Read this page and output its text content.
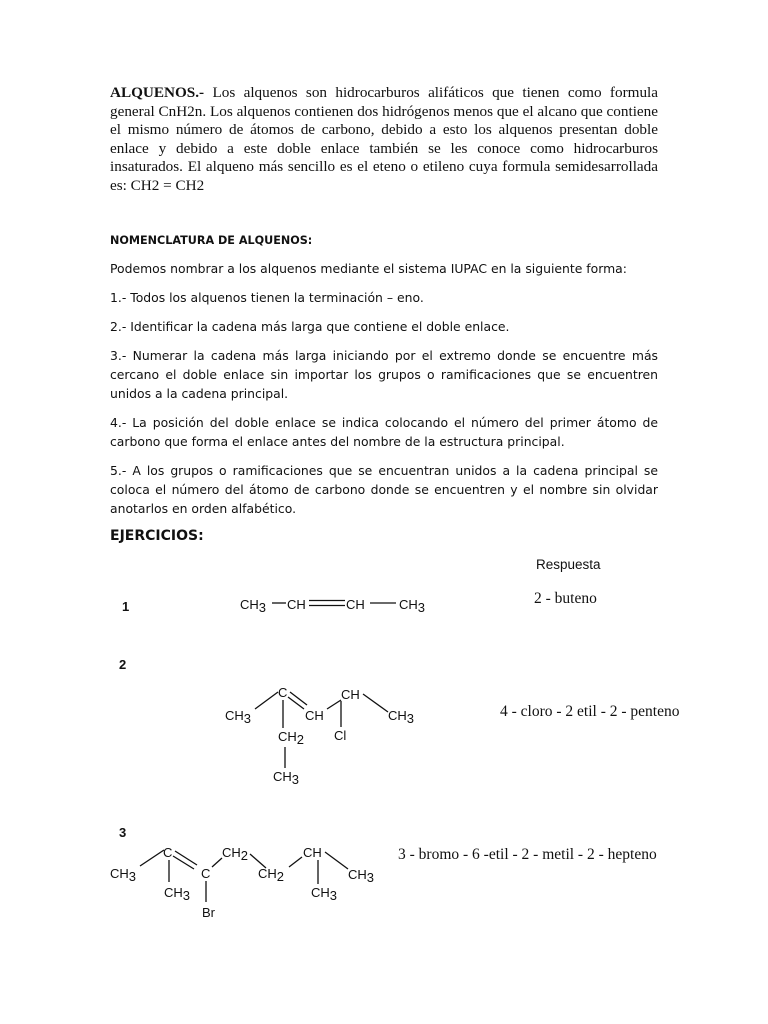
ALQUENOS.- Los alquenos son hidrocarburos alifáticos que tienen como formula general CnH2n. Los alquenos contienen dos hidrógenos menos que el alcano que contiene el mismo número de átomos de carbono, debido a esto los alquenos presentan doble enlace y debido a este doble enlace también se les conoce como hidrocarburos insaturados. El alqueno más sencillo es el eteno o etileno cuya formula semidesarrollada es: CH2 = CH2
NOMENCLATURA DE ALQUENOS:
Podemos nombrar a los alquenos mediante el sistema IUPAC en la siguiente forma:
1.- Todos los alquenos tienen la terminación – eno.
2.- Identificar la cadena más larga que contiene el doble enlace.
3.- Numerar la cadena más larga iniciando por el extremo donde se encuentre más cercano el doble enlace sin importar los grupos o ramificaciones que se encuentren unidos a la cadena principal.
4.- La posición del doble enlace se indica colocando el número del primer átomo de carbono que forma el enlace antes del nombre de la estructura principal.
5.- A los grupos o ramificaciones que se encuentran unidos a la cadena principal se coloca el número del átomo de carbono donde se encuentren y el nombre sin olvidar anotarlos en orden alfabético.
EJERCICIOS:
Respuesta
1
2
3
2 - buteno
4 - cloro - 2 etil - 2 - penteno
3 - bromo - 6 -etil - 2 - metil - 2 - hepteno
CH3 CH	CH	CH3
CH3
C
CH
CH
CH3
CH2
CH3
Cl
CH3
C
CH3
C
Br
CH2
CH2
CH
CH3
CH3
